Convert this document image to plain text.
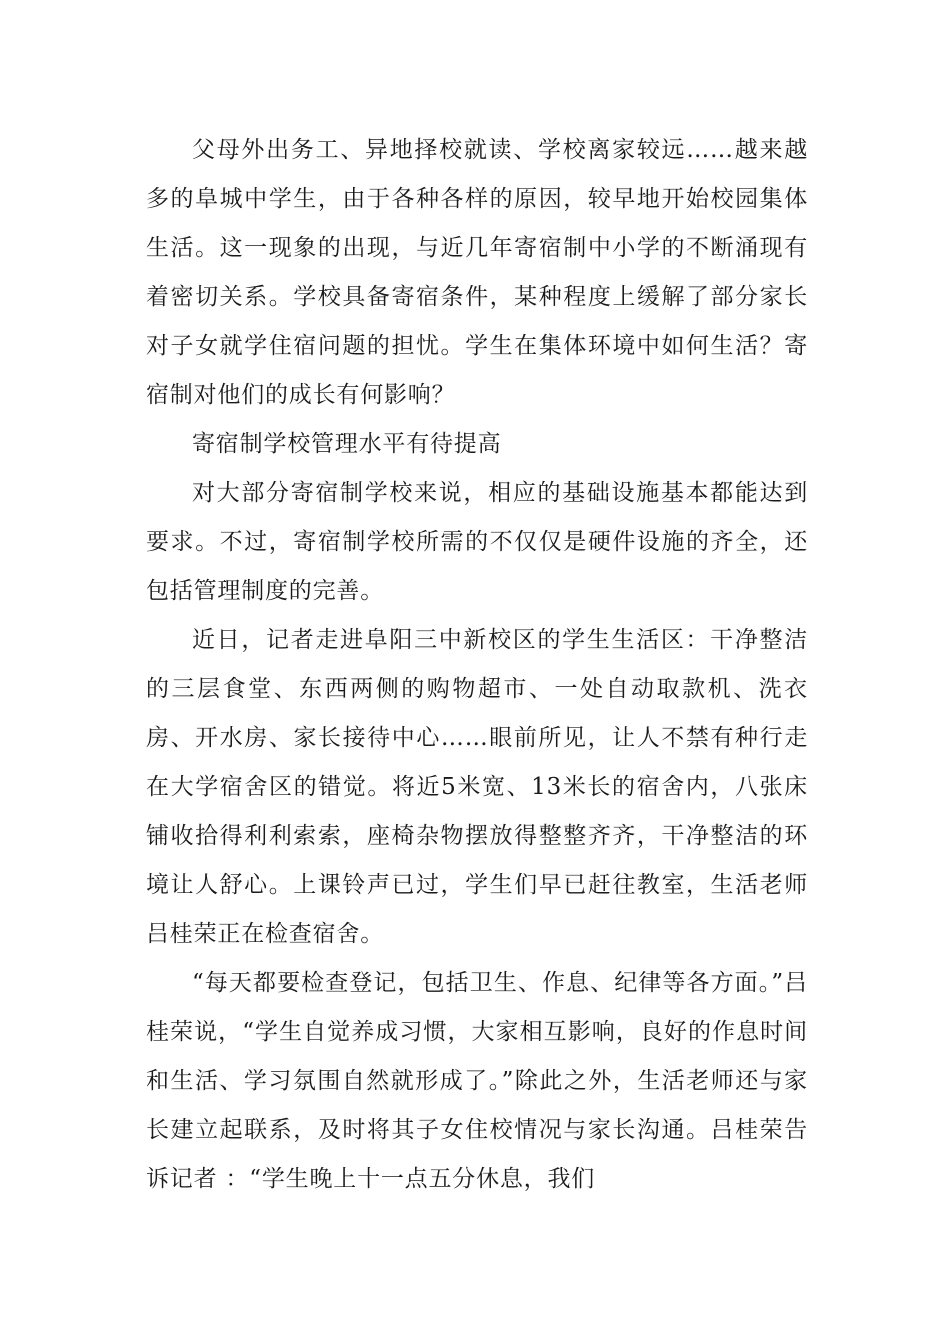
父母外出务工、异地择校就读、学校离家较远……越来越多的阜城中学生，由于各种各样的原因，较早地开始校园集体生活。这一现象的出现，与近几年寄宿制中小学的不断涌现有着密切关系。学校具备寄宿条件，某种程度上缓解了部分家长对子女就学住宿问题的担忧。学生在集体环境中如何生活？寄宿制对他们的成长有何影响？

寄宿制学校管理水平有待提高

对大部分寄宿制学校来说，相应的基础设施基本都能达到要求。不过，寄宿制学校所需的不仅仅是硬件设施的齐全，还包括管理制度的完善。

近日，记者走进阜阳三中新校区的学生生活区：干净整洁的三层食堂、东西两侧的购物超市、一处自动取款机、洗衣房、开水房、家长接待中心……眼前所见，让人不禁有种行走在大学宿舍区的错觉。将近5米宽、13米长的宿舍内，八张床铺收拾得利利索索，座椅杂物摆放得整整齐齐，干净整洁的环境让人舒心。上课铃声已过，学生们早已赶往教室，生活老师吕桂荣正在检查宿舍。

“每天都要检查登记，包括卫生、作息、纪律等各方面。”吕桂荣说，“学生自觉养成习惯，大家相互影响，良好的作息时间和生活、学习氛围自然就形成了。”除此之外，生活老师还与家长建立起联系，及时将其子女住校情况与家长沟通。吕桂荣告诉记者 ：“学生晚上十一点五分休息，我们
